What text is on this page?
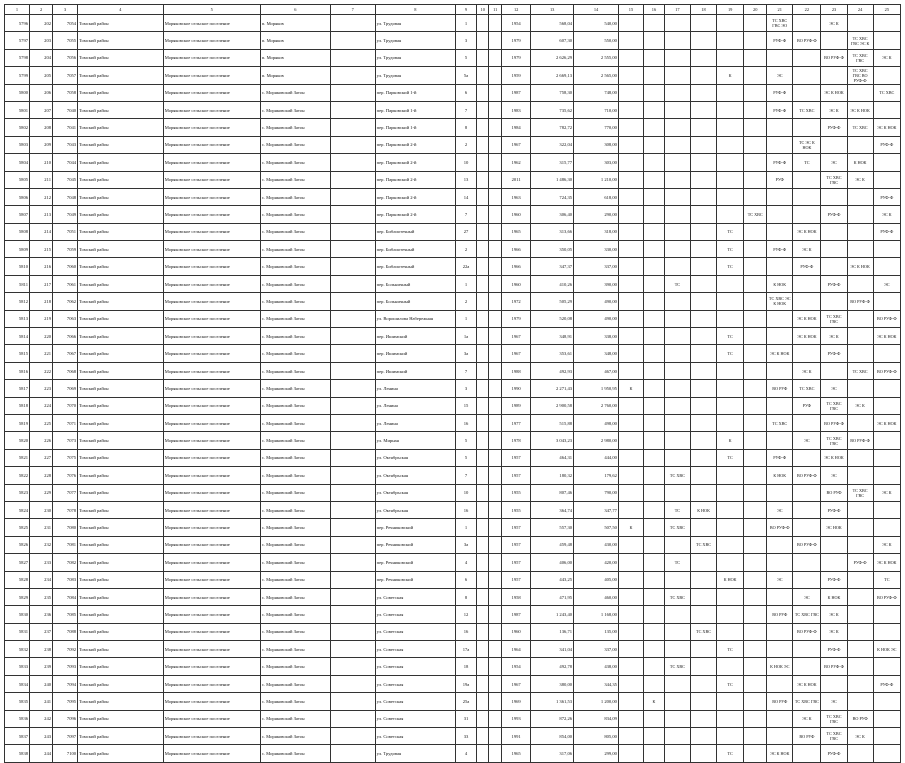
1	2	3	4	5	6	7	8	9	10	11	12	13	14	15	16	17	18	19	20	21	22	23	24	25
5796	202	7054	Томский район	Моряковское сельское поселение	п. Моряков		ул. Трудовая	1			1954	568,04	540,00							ТС ХВС ГВС ЭО		ЭС К		
5797	203	7055	Томский район	Моряковское сельское поселение	п. Моряков		ул. Трудовая	3			1979	607,30	550,00							РУФ-Ф	ВО РУФ-Ф		ТС ХВС ГВС ЭС К	
5798	204	7056	Томский район	Моряковское сельское поселение	п. Моряков		ул. Трудовая	5			1979	2 626,29	2 555,00									ВО РУФ-Ф	ТС ХВС ГВС	ЭС К
5799	205	7057	Томский район	Моряковское сельское поселение	п. Моряков		ул. Трудовая	5а			1959	2 669,13	2 565,00					К		ЭС			ТС ХВС ГВС ВО РУФ-Ф	
5800	206	7058	Томский район	Моряковское сельское поселение	с. Моряковский Затон		пер. Парковский 1-й	6			1987	758,30	748,00							РУФ-Ф		ЭС К НОК		ТС ХВС
5801	207	7040	Томский район	Моряковское сельское поселение	с. Моряковский Затон		пер. Парковский 1-й	7			1983	735,62	710,00							РУФ-Ф	ТС ХВС	ЭС К	ЭС К НОК	
5802	208	7041	Томский район	Моряковское сельское поселение	с. Моряковский Затон		пер. Парковский 1-й	8			1984	782,72	770,00									РУФ-Ф	ТС ХВС	ЭС К НОК
5803	209	7043	Томский район	Моряковское сельское поселение	с. Моряковский Затон		пер. Парковский 2-й	2			1967	322,04	308,00								ТС ЭС К НОК			РУФ-Ф
5804	210	7044	Томский район	Моряковское сельское поселение	с. Моряковский Затон		пер. Парковский 2-й	10			1962	315,77	303,00							РУФ-Ф	ТС	ЭС	К НОК	
5805	211	7045	Томский район	Моряковское сельское поселение	с. Моряковский Затон		пер. Парковский 2-й	13			2011	1 486,30	1 210,00							РУФ		ТС ХВС ГВС	ЭС К	
5806	212	7048	Томский район	Моряковское сельское поселение	с. Моряковский Затон		пер. Парковский 2-й	14			1963	724,35	618,00											РУФ-Ф
5807	213	7049	Томский район	Моряковское сельское поселение	с. Моряковский Затон		пер. Парковский 2-й	7			1960	306,40	290,00						ТС ХВС			РУФ-Ф		ЭС К
5808	214	7051	Томский район	Моряковское сельское поселение	с. Моряковский Затон		пер. Библиотечный	27			1965	313,66	318,00					ТС			ЭС К НОК			РУФ-Ф
5809	215	7059	Томский район	Моряковское сельское поселение	с. Моряковский Затон		пер. Библиотечный	2			1966	350,05	330,00					ТС		РУФ-Ф	ЭС К			
5810	216	7060	Томский район	Моряковское сельское поселение	с. Моряковский Затон		пер. Библиотечный	22а			1966	347,37	337,00					ТС			РУФ-Ф		ЭС К НОК	
5811	217	7061	Томский район	Моряковское сельское поселение	с. Моряковский Затон		пер. Больничный	1			1960	410,26	390,00			ТС				К НОК		РУФ-Ф		ЭС
5812	218	7062	Томский район	Моряковское сельское поселение	с. Моряковский Затон		пер. Больничный	2			1972	505,29	490,00							ТС ХВС ЭС К НОК			ВО РУФ-Ф	
5813	219	7063	Томский район	Моряковское сельское поселение	с. Моряковский Затон		ул. Ворошилова Набережная	1			1979	520,08	490,00								ЭС К НОК	ТС ХВС ГВС		ВО РУФ-Ф
5814	220	7066	Томский район	Моряковское сельское поселение	с. Моряковский Затон		пер. Ишимский	1а			1967	348,91	338,00					ТС			ЭС К НОК	ЭС К		ЭС К НОК
5815	221	7067	Томский район	Моряковское сельское поселение	с. Моряковский Затон		пер. Ишимский	3а			1967	353,61	348,00					ТС		ЭС К НОК		РУФ-Ф		
5816	222	7068	Томский район	Моряковское сельское поселение	с. Моряковский Затон		пер. Ишимский	7			1988	492,93	467,00								ЭС К		ТС ХВС	ВО РУФ-Ф
5817	223	7069	Томский район	Моряковское сельское поселение	с. Моряковский Затон		ул. Ленина	3			1990	2 271,43	1 950,95	К						ВО РУФ	ТС ХВС	ЭС		
5818	224	7070	Томский район	Моряковское сельское поселение	с. Моряковский Затон		ул. Ленина	15			1989	2 900,58	2 760,00								РУФ	ТС ХВС ГВС	ЭС К	
5819	225	7071	Томский район	Моряковское сельское поселение	с. Моряковский Затон		ул. Ленина	16			1977	515,88	498,00							ТС ХВС		ВО РУФ-Ф		ЭС К НОК
5820	226	7073	Томский район	Моряковское сельское поселение	с. Моряковский Затон		ул. Мирная	5			1978	3 043,23	2 980,00					К			ЭС	ТС ХВС ГВС	ВО РУФ-Ф	
5821	227	7075	Томский район	Моряковское сельское поселение	с. Моряковский Затон		ул. Октябрьская	5			1957	464,31	444,00					ТС		РУФ-Ф		ЭС К НОК		
5822	228	7076	Томский район	Моряковское сельское поселение	с. Моряковский Затон		ул. Октябрьская	7			1957	180,32	179,62			ТС ХВС				К НОК	ВО РУФ-Ф	ЭС		
5823	229	7077	Томский район	Моряковское сельское поселение	с. Моряковский Затон		ул. Октябрьская	10			1955	807,46	790,00									ВО РУФ	ТС ХВС ГВС	ЭС К
5824	230	7078	Томский район	Моряковское сельское поселение	с. Моряковский Затон		ул. Октябрьская	16			1955	364,74	347,77			ТС	К НОК			ЭС		РУФ-Ф		
5825	231	7080	Томский район	Моряковское сельское поселение	с. Моряковский Затон		пер. Речниковский	1			1957	557,30	507,50	К		ТС ХВС				ВО РУФ-Ф		ЭС НОК		
5826	232	7081	Томский район	Моряковское сельское поселение	с. Моряковский Затон		пер. Речниковский	3а			1957	459,48	430,00				ТС ХВС				ВО РУФ-Ф			ЭС К
5827	233	7082	Томский район	Моряковское сельское поселение	с. Моряковский Затон		пер. Речниковский	4			1957	406,00	420,00			ТС							РУФ-Ф	ЭС К НОК
5828	234	7083	Томский район	Моряковское сельское поселение	с. Моряковский Затон		пер. Речниковский	6			1957	443,25	405,00					К НОК		ЭС		РУФ-Ф		ТС
5829	235	7084	Томский район	Моряковское сельское поселение	с. Моряковский Затон		ул. Советская	8			1958	471,95	460,00			ТС ХВС					ЭС	К НОК		ВО РУФ-Ф
5830	236	7085	Томский район	Моряковское сельское поселение	с. Моряковский Затон		ул. Советская	12			1987	1 243,40	1 168,00							ВО РУФ	ТС ХВС ГВС	ЭС К		
5831	237	7088	Томский район	Моряковское сельское поселение	с. Моряковский Затон		ул. Советская	16			1960	136,71	135,00				ТС ХВС				ВО РУФ-Ф	ЭС К		
5832	238	7092	Томский район	Моряковское сельское поселение	с. Моряковский Затон		ул. Советская	17а			1964	341,04	337,00					ТС				РУФ-Ф		К НОК ЭС
5833	239	7093	Томский район	Моряковское сельское поселение	с. Моряковский Затон		ул. Советская	18			1954	492,78	438,00			ТС ХВС				К НОК ЭС		ВО РУФ-Ф		
5834	240	7094	Томский район	Моряковское сельское поселение	с. Моряковский Затон		ул. Советская	19а			1967	380,00	344,35					ТС			ЭС К НОК			РУФ-Ф
5835	241	7095	Томский район	Моряковское сельское поселение	с. Моряковский Затон		ул. Советская	25а			1969	1 361,53	1 200,00		К					ВО РУФ	ТС ХВС ГВС	ЭС		
5836	242	7096	Томский район	Моряковское сельское поселение	с. Моряковский Затон		ул. Советская	31			1993	872,26	834,09								ЭС К	ТС ХВС ГВС	ВО РУФ	
5837	243	7097	Томский район	Моряковское сельское поселение	с. Моряковский Затон		ул. Советская	33			1991	854,00	805,00								ВО РУФ	ТС ХВС ГВС	ЭС К	
5838	244	7100	Томский район	Моряковское сельское поселение	с. Моряковский Затон		ул. Трудовая	4			1965	317,06	299,00					ТС		ЭС К НОК		РУФ-Ф		
